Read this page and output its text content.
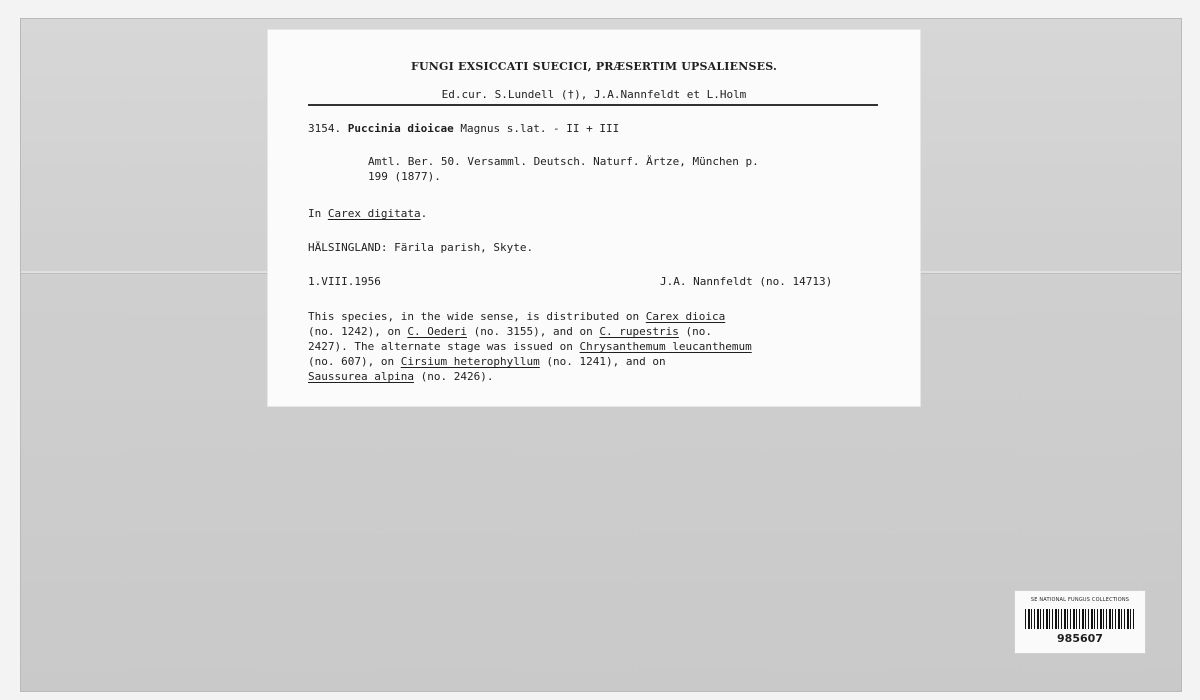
FUNGI EXSICCATI SUECICI, PRÆSERTIM UPSALIENSES.
Ed.cur. S.Lundell (†), J.A.Nannfeldt et L.Holm
3154. Puccinia dioicae Magnus s.lat. - II + III
Amtl. Ber. 50. Versamml. Deutsch. Naturf. Ärtze, München p.
199 (1877).
In Carex digitata.
HÄLSINGLAND: Färila parish, Skyte.
1.VIII.1956	J.A. Nannfeldt (no. 14713)
This species, in the wide sense, is distributed on Carex dioica
(no. 1242), on C. Oederi (no. 3155), and on C. rupestris (no.
2427). The alternate stage was issued on Chrysanthemum leucanthemum
(no. 607), on Cirsium heterophyllum (no. 1241), and on
Saussurea alpina (no. 2426).
SE NATIONAL FUNGUS COLLECTIONS
985607
